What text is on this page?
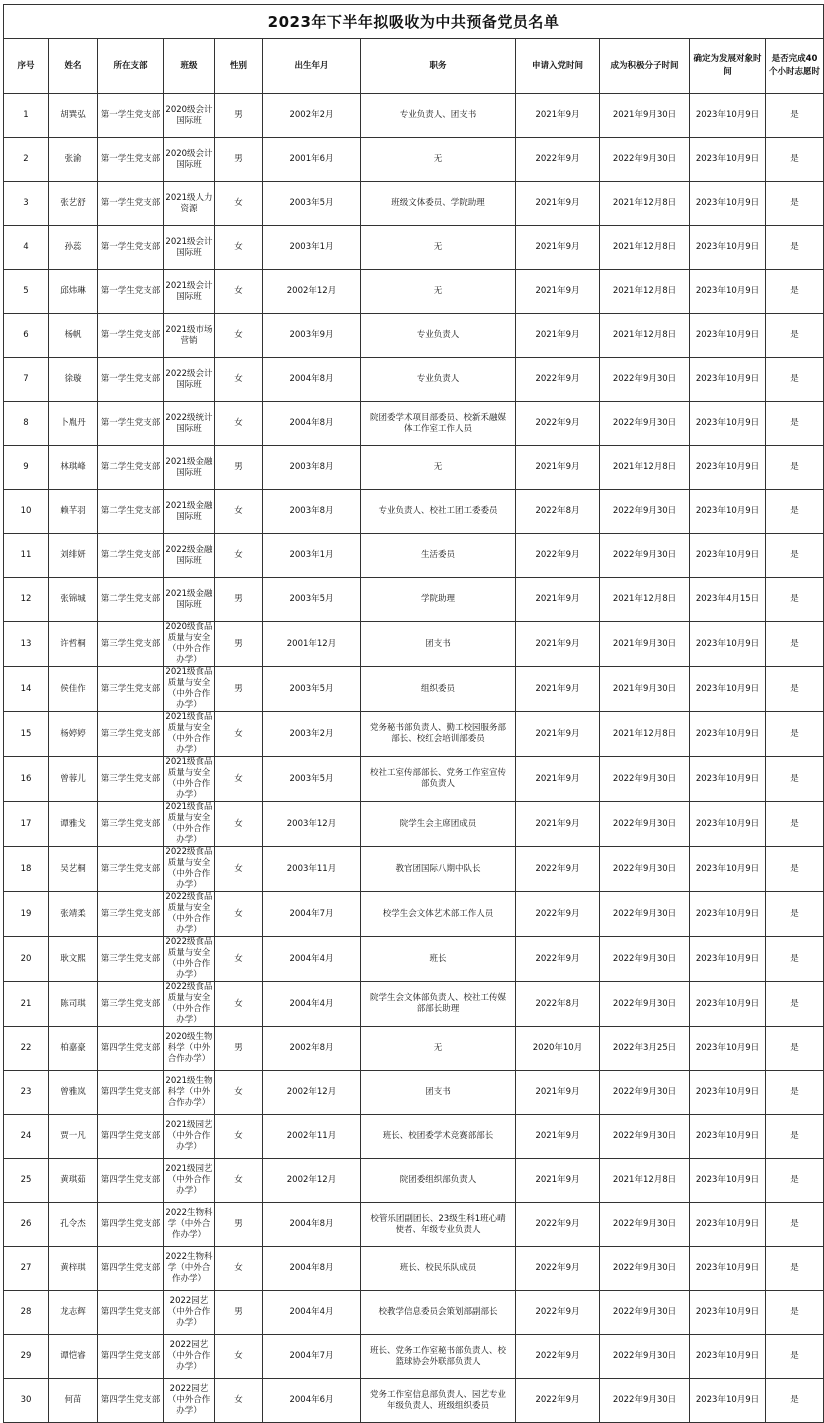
2023年下半年拟吸收为中共预备党员名单										
序号	姓名	所在支部	班级	性别	出生年月	职务	申请入党时间	成为积极分子时间	确定为发展对象时间	是否完成40个小时志愿时
1	胡巽弘	第一学生党支部	2020级会计国际班	男	2002年2月	专业负责人、团支书	2021年9月	2021年9月30日	2023年10月9日	是
2	张渝	第一学生党支部	2020级会计国际班	男	2001年6月	无	2022年9月	2022年9月30日	2023年10月9日	是
3	张艺舒	第一学生党支部	2021级人力资源	女	2003年5月	班级文体委员、学院助理	2021年9月	2021年12月8日	2023年10月9日	是
4	孙蕊	第一学生党支部	2021级会计国际班	女	2003年1月	无	2021年9月	2021年12月8日	2023年10月9日	是
5	邱炜琳	第一学生党支部	2021级会计国际班	女	2002年12月	无	2021年9月	2021年12月8日	2023年10月9日	是
6	杨帆	第一学生党支部	2021级市场营销	女	2003年9月	专业负责人	2021年9月	2021年12月8日	2023年10月9日	是
7	徐璇	第一学生党支部	2022级会计国际班	女	2004年8月	专业负责人	2022年9月	2022年9月30日	2023年10月9日	是
8	卜胤丹	第一学生党支部	2022级统计国际班	女	2004年8月	院团委学术项目部委员、校新禾融媒体工作室工作人员	2022年9月	2022年9月30日	2023年10月9日	是
9	林琪峰	第二学生党支部	2021级金融国际班	男	2003年8月	无	2021年9月	2021年12月8日	2023年10月9日	是
10	赖芊羽	第二学生党支部	2021级金融国际班	女	2003年8月	专业负责人、校社工团工委委员	2022年8月	2022年9月30日	2023年10月9日	是
11	刘绯妍	第二学生党支部	2022级金融国际班	女	2003年1月	生活委员	2022年9月	2022年9月30日	2023年10月9日	是
12	张锦城	第二学生党支部	2021级金融国际班	男	2003年5月	学院助理	2021年9月	2021年12月8日	2023年4月15日	是
13	许哲桐	第三学生党支部	2020级食品质量与安全（中外合作办学）	男	2001年12月	团支书	2021年9月	2021年9月30日	2023年10月9日	是
14	侯佳作	第三学生党支部	2021级食品质量与安全（中外合作办学）	男	2003年5月	组织委员	2021年9月	2021年9月30日	2023年10月9日	是
15	杨婷婷	第三学生党支部	2021级食品质量与安全（中外合作办学）	女	2003年2月	党务秘书部负责人、勤工校园服务部部长、校红会培训部委员	2021年9月	2021年12月8日	2023年10月9日	是
16	曾蓉儿	第三学生党支部	2021级食品质量与安全（中外合作办学）	女	2003年5月	校社工室传部部长、党务工作室宣传部负责人	2021年9月	2022年9月30日	2023年10月9日	是
17	谭雅戈	第三学生党支部	2021级食品质量与安全（中外合作办学）	女	2003年12月	院学生会主席团成员	2021年9月	2022年9月30日	2023年10月9日	是
18	吴艺桐	第三学生党支部	2022级食品质量与安全（中外合作办学）	女	2003年11月	教官团国际八期中队长	2022年9月	2022年9月30日	2023年10月9日	是
19	张靖柔	第三学生党支部	2022级食品质量与安全（中外合作办学）	女	2004年7月	校学生会文体艺术部工作人员	2022年9月	2022年9月30日	2023年10月9日	是
20	耿文熙	第三学生党支部	2022级食品质量与安全（中外合作办学）	女	2004年4月	班长	2022年9月	2022年9月30日	2023年10月9日	是
21	陈司琪	第三学生党支部	2022级食品质量与安全（中外合作办学）	女	2004年4月	院学生会文体部负责人、校社工传媒部部长助理	2022年8月	2022年9月30日	2023年10月9日	是
22	柏嘉豪	第四学生党支部	2020级生物科学（中外合作办学）	男	2002年8月	无	2020年10月	2022年3月25日	2023年10月9日	是
23	曾雅岚	第四学生党支部	2021级生物科学（中外合作办学）	女	2002年12月	团支书	2021年9月	2022年9月30日	2023年10月9日	是
24	贾一凡	第四学生党支部	2021级园艺（中外合作办学）	女	2002年11月	班长、校团委学术竞赛部部长	2021年9月	2022年9月30日	2023年10月9日	是
25	黄琪茹	第四学生党支部	2021级园艺（中外合作办学）	女	2002年12月	院团委组织部负责人	2021年9月	2021年12月8日	2023年10月9日	是
26	孔令杰	第四学生党支部	2022生物科学（中外合作办学）	男	2004年8月	校管乐团副团长、23级生科1班心晴使者、年级专业负责人	2022年9月	2022年9月30日	2023年10月9日	是
27	黄梓琪	第四学生党支部	2022生物科学（中外合作办学）	女	2004年8月	班长、校民乐队成员	2022年9月	2022年9月30日	2023年10月9日	是
28	龙志辉	第四学生党支部	2022园艺（中外合作办学）	男	2004年4月	校教学信息委员会策划部副部长	2022年9月	2022年9月30日	2023年10月9日	是
29	谭恺睿	第四学生党支部	2022园艺（中外合作办学）	女	2004年7月	班长、党务工作室秘书部负责人、校篮球协会外联部负责人	2022年9月	2022年9月30日	2023年10月9日	是
30	何苗	第四学生党支部	2022园艺（中外合作办学）	女	2004年6月	党务工作室信息部负责人、园艺专业年级负责人、班级组织委员	2022年9月	2022年9月30日	2023年10月9日	是
